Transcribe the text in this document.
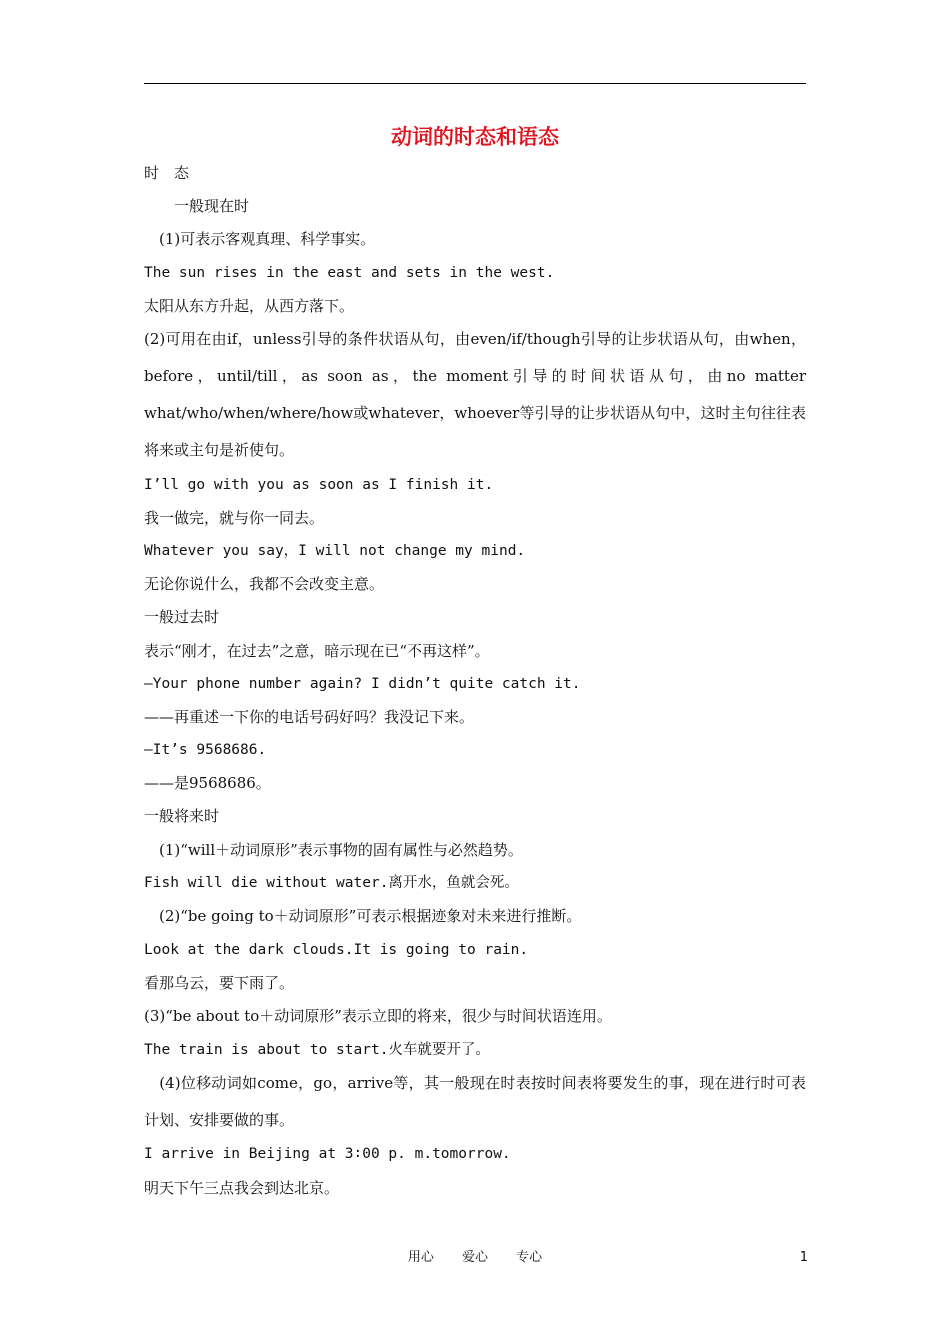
动词的时态和语态
时　态
　　一般现在时
　(1)可表示客观真理、科学事实。
The sun rises in the east and sets in the west.
太阳从东方升起，从西方落下。
(2)可用在由if，unless引导的条件状语从句，由even/if/though引导的让步状语从句，由when，before，until/till，as soon as，the moment引导的时间状语从句，由no matter what/who/when/where/how或whatever，whoever等引导的让步状语从句中，这时主句往往表将来或主句是祈使句。
I’ll go with you as soon as I finish it.
我一做完，就与你一同去。
Whatever you say，I will not change my mind.
无论你说什么，我都不会改变主意。
一般过去时
表示“刚才，在过去”之意，暗示现在已“不再这样”。
—Your phone number again? I didn’t quite catch it.
——再重述一下你的电话号码好吗？我没记下来。
—It’s 9568686.
——是9568686。
一般将来时
　(1)“will＋动词原形”表示事物的固有属性与必然趋势。
Fish will die without water.离开水，鱼就会死。
　(2)“be going to＋动词原形”可表示根据迹象对未来进行推断。
Look at the dark clouds.It is going to rain.
看那乌云，要下雨了。
(3)“be about to＋动词原形”表示立即的将来，很少与时间状语连用。
The train is about to start.火车就要开了。
　(4)位移动词如come，go，arrive等，其一般现在时表按时间表将要发生的事，现在进行时可表计划、安排要做的事。
I arrive in Beijing at 3∶00 p. m.tomorrow.
明天下午三点我会到达北京。
用心 爱心 专心	1
